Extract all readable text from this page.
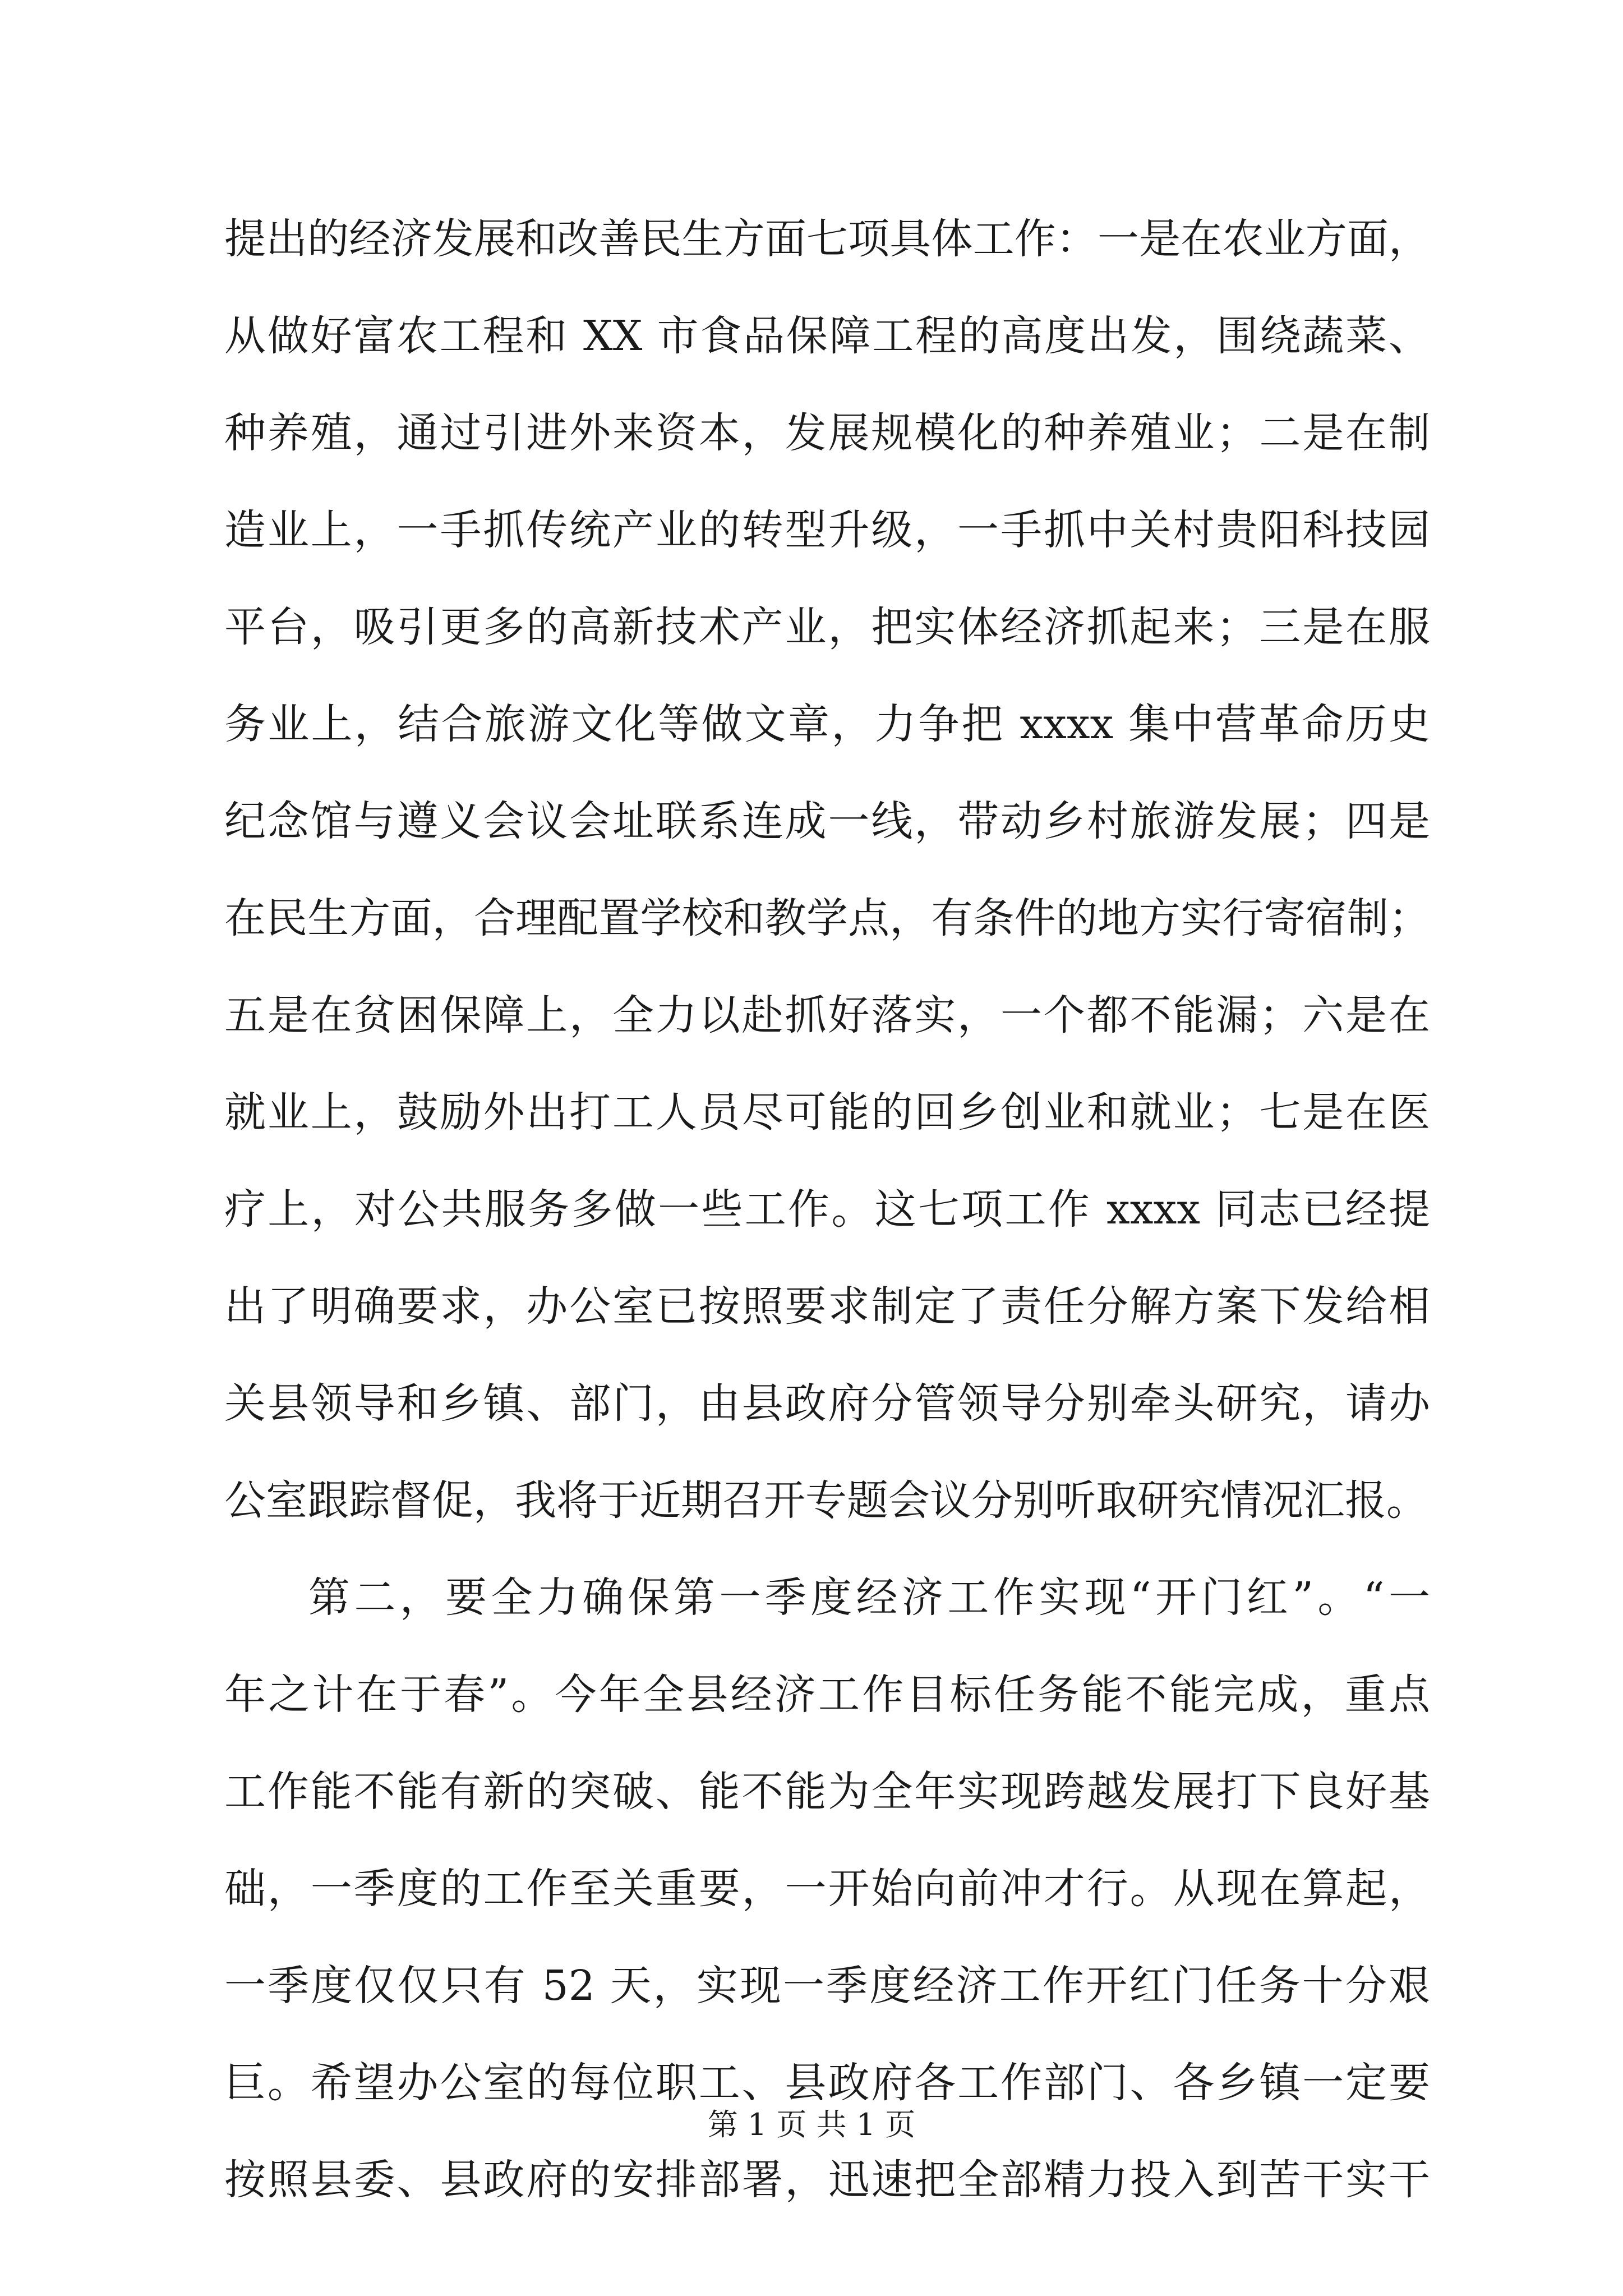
提出的经济发展和改善民生方面七项具体工作：一是在农业方面，
从做好富农工程和 XX 市食品保障工程的高度出发，围绕蔬菜、
种养殖，通过引进外来资本，发展规模化的种养殖业；二是在制
造业上，一手抓传统产业的转型升级，一手抓中关村贵阳科技园
平台，吸引更多的高新技术产业，把实体经济抓起来；三是在服
务业上，结合旅游文化等做文章，力争把 xxxx 集中营革命历史
纪念馆与遵义会议会址联系连成一线，带动乡村旅游发展；四是
在民生方面，合理配置学校和教学点，有条件的地方实行寄宿制；
五是在贫困保障上，全力以赴抓好落实，一个都不能漏；六是在
就业上，鼓励外出打工人员尽可能的回乡创业和就业；七是在医
疗上，对公共服务多做一些工作。这七项工作 xxxx 同志已经提
出了明确要求，办公室已按照要求制定了责任分解方案下发给相
关县领导和乡镇、部门，由县政府分管领导分别牵头研究，请办
公室跟踪督促，我将于近期召开专题会议分别听取研究情况汇报。
第二，要全力确保第一季度经济工作实现“开门红”。“一
年之计在于春”。今年全县经济工作目标任务能不能完成，重点
工作能不能有新的突破、能不能为全年实现跨越发展打下良好基
础，一季度的工作至关重要，一开始向前冲才行。从现在算起，
一季度仅仅只有 52 天，实现一季度经济工作开红门任务十分艰
巨。希望办公室的每位职工、县政府各工作部门、各乡镇一定要
按照县委、县政府的安排部署，迅速把全部精力投入到苦干实干
第 1 页 共 1 页
